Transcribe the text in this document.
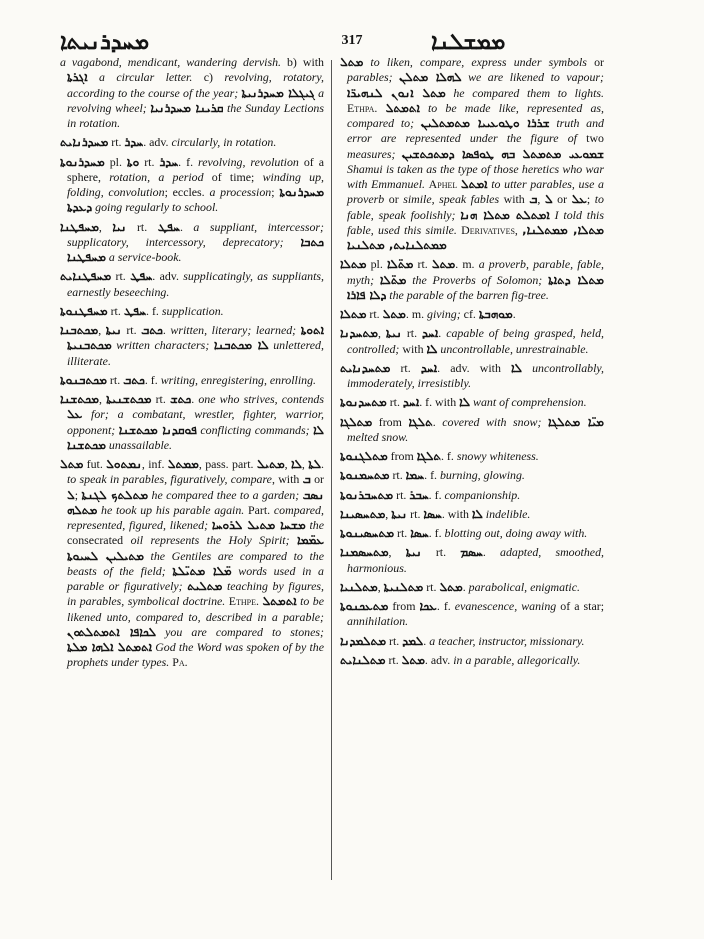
ܡܚܕܪܢܝܬܐ	317	ܡܡܫܠܢܐ

a vagabond, mendicant, wandering dervish. b) with ܐܓܪܬܐ a circular letter. c) revolving, rotatory, according to the course of the year; ܓܝܓܠܐ ܡܚܕܪܢܝܬܐ a revolving wheel; ܩܪܝܢܐ ܡܚܕܪܢܝܐ the Sunday Lections in rotation.

ܡܚܕܪܢܐܝܬ rt. ܚܕܪ. adv. circularly, in rotation.

ܡܚܕܪܢܘܬܐ pl. ܘܬܐ rt. ܚܕܪ. f. revolving, revolution of a sphere, rotation, a period of time; winding up, folding, convolution; eccles. a procession; ܡܚܕܪܢܘܬܐ ܕܥܕܬܐ going regularly to school.

ܡܚܦܛܢܐ, ܢܝܐ rt. ܚܦܛ. a suppliant, intercessor; supplicatory, intercessory, deprecatory; ܟܬܒܐ ܡܚܦܛܢܐ a service-book.

ܡܚܦܛܢܐܝܬ rt. ܚܦܛ. adv. supplicatingly, as suppliants, earnestly beseeching.

ܡܚܦܛܢܘܬܐ rt. ܚܦܛ. f. supplication.

ܡܟܬܒܢܐ, ܢܝܬܐ rt. ܟܬܒ. written, literary; learned; ܐܬܘܬܐ ܡܟܬܒܢܝܬܐ written characters; ܠܐ ܡܟܬܒܢܐ unlettered, illiterate.

ܡܟܬܒܢܘܬܐ rt. ܟܬܒ. f. writing, enregistering, enrolling.

ܡܟܬܫܢܐ, ܡܟܬܫܢܝܬܐ rt. ܟܬܫ. one who strives, contends ܥܠ for; a combatant, wrestler, fighter, warrior, opponent; ܦܘܩܕܢܐ ܡܟܬܫܢܐ conflicting commands; ܠܐ ܡܟܬܫܢܐ unassailable.

ܡܬܠ fut. ܢܡܬܘܠ, inf. ܡܡܬܠ, pass. part. ܡܬܝܠ, ܠܐ, ܠܬܐ. to speak in parables, figuratively, compare, with ܒ or ܠ; ܡܬܠܬܟ ܠܓܢܬܐ he compared thee to a garden; ܢܣܒ ܡܬܠܗ he took up his parable again. Part. compared, represented, figured, likened; ܡܫܚܐ ܡܬܝܠ ܠܪܘܚܐ the consecrated oil represents the Holy Spirit; ܥܡ̈ܡܐ ܡܬܝܠܝܢ ܠܚܝܘܬܐ the Gentiles are compared to the beasts of the field; ܡ̈ܠܐ ܡܬܝ̈ܠܬܐ words used in a parable or figuratively; ܡܬܠܝܬ teaching by figures, in parables, symbolical doctrine. Ethpe. ܐܬܡܬܠ to be likened unto, compared to, described in a parable; ܠܟܐܦܐ ܐܬܡܬܠܬܘܢ you are compared to stones; ܐܬܡܬܠ ܐܠܗܐ ܡܠܬܐ God the Word was spoken of by the prophets under types. Pa.

ܡܬܠ to liken, compare, express under symbols or parables; ܠܗܠܐ ܡܬܠܢ we are likened to vapour; ܡܬܠ ܐܢܘܢ ܠܢܗܝܪ̈ܐ he compared them to lights. Ethpa. ܐܬܡܬܠ to be made like, represented as, compared to; ܫܪܪܐ ܘܛܘܥܝܝܐ ܡܬܡܬܠܝܢ truth and error are represented under the figure of two measures; ܫܡܘܥܝ ܡܬܡܬܠ ܒܗ ܛܘܦܣܐ ܕܡܬܟܬܫܝܢ Shamui is taken as the type of those heretics who war with Emmanuel. Aphel ܐܡܬܠ to utter parables, use a proverb or simile, speak fables with ܒ, ܠ or ܥܠ; to fable, speak foolishly; ܐܡܬܠܬ ܡܬܠܐ ܗܢܐ I told this fable, used this simile. Derivatives, ܡܬܠܐ, ܡܡܬܠܢܐ, ܡܡܬܠܢܐܝܬ, ܡܬܠܢܝܐ

ܡܬܠܐ pl. ܡܬ̈ܠܐ rt. ܡܬܠ. m. a proverb, parable, fable, myth; ܡܬ̈ܠܐ the Proverbs of Solomon; ܡܬܠܐ ܕܬܐܬܐ ܕܠܐ ܦܐܪܐ the parable of the barren fig-tree.

ܡܬܠܐ rt. ܡܬܠ. m. giving; cf. ܡܘܗܒܬܐ.

ܡܬܚܕܢܐ, ܢܝܬܐ rt. ܐܚܕ. capable of being grasped, held, controlled; with ܠܐ uncontrollable, unrestrainable.

ܡܬܚܕܢܐܝܬ rt. ܐܚܕ. adv. with ܠܐ uncontrollably, immoderately, irresistibly.

ܡܬܚܕܢܘܬܐ rt. ܐܚܕ. f. with ܠܐ want of comprehension.

ܡܬܠܓܐ from ܬܠܓܐ. covered with snow; ܡܝ̈ܐ ܡܬܠܓܐ melted snow.

ܡܬܠܓܢܘܬܐ from ܬܠܓܐ. f. snowy whiteness.

ܡܬܚܡܢܘܬܐ rt. ܚܡܐ. f. burning, glowing.

ܡܬܚܒܪܢܘܬܐ rt. ܚܒܪ. f. companionship.

ܡܬܚܣܝܢܐ, ܢܝܬܐ rt. ܚܣܐ. with ܠܐ indelible.

ܡܬܚܣܝܢܘܬܐ rt. ܚܣܐ. f. blotting out, doing away with.

ܡܬܚܣܡܢܐ, ܢܝܬܐ rt. ܚܣܡ. adapted, smoothed, harmonious.

ܡܬܠܢܝܐ, ܡܬܠܢܝܬܐ rt. ܡܬܠ. parabolical, enigmatic.

ܡܬܥܟܢܘܬܐ from ܥܟܐ. f. evanescence, waning of a star; annihilation.

ܡܬܠܡܕܢܐ rt. ܠܡܕ. a teacher, instructor, missionary.

ܡܬܠܢܐܝܬ rt. ܡܬܠ. adv. in a parable, allegorically.
